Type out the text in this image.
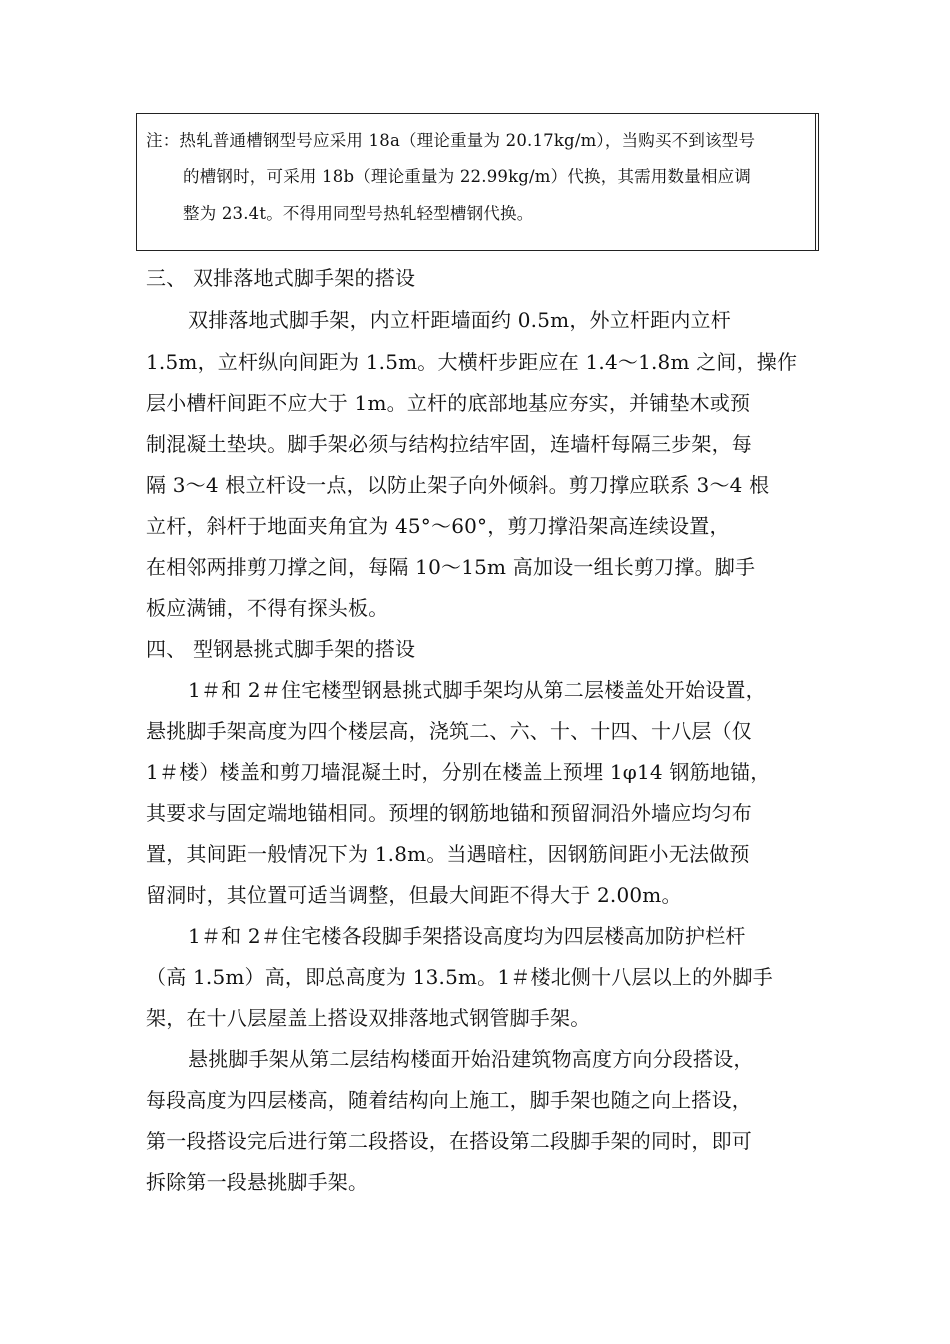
注：热轧普通槽钢型号应采用 18a（理论重量为 20.17kg/m），当购买不到该型号
的槽钢时，可采用 18b（理论重量为 22.99kg/m）代换，其需用数量相应调
整为 23.4t。不得用同型号热轧轻型槽钢代换。
三、 双排落地式脚手架的搭设
双排落地式脚手架，内立杆距墙面约 0.5m，外立杆距内立杆
1.5m，立杆纵向间距为 1.5m。大横杆步距应在 1.4～1.8m 之间，操作
层小槽杆间距不应大于 1m。立杆的底部地基应夯实，并铺垫木或预
制混凝土垫块。脚手架必须与结构拉结牢固，连墙杆每隔三步架，每
隔 3～4 根立杆设一点，以防止架子向外倾斜。剪刀撑应联系 3～4 根
立杆，斜杆于地面夹角宜为 45°～60°，剪刀撑沿架高连续设置，
在相邻两排剪刀撑之间，每隔 10～15m 高加设一组长剪刀撑。脚手
板应满铺，不得有探头板。
四、 型钢悬挑式脚手架的搭设
1＃和 2＃住宅楼型钢悬挑式脚手架均从第二层楼盖处开始设置，
悬挑脚手架高度为四个楼层高，浇筑二、六、十、十四、十八层（仅
1＃楼）楼盖和剪刀墙混凝土时，分别在楼盖上预埋 1φ14 钢筋地锚，
其要求与固定端地锚相同。预埋的钢筋地锚和预留洞沿外墙应均匀布
置，其间距一般情况下为 1.8m。当遇暗柱，因钢筋间距小无法做预
留洞时，其位置可适当调整，但最大间距不得大于 2.00m。
1＃和 2＃住宅楼各段脚手架搭设高度均为四层楼高加防护栏杆
（高 1.5m）高，即总高度为 13.5m。1＃楼北侧十八层以上的外脚手
架，在十八层屋盖上搭设双排落地式钢管脚手架。
悬挑脚手架从第二层结构楼面开始沿建筑物高度方向分段搭设，
每段高度为四层楼高，随着结构向上施工，脚手架也随之向上搭设，
第一段搭设完后进行第二段搭设，在搭设第二段脚手架的同时，即可
拆除第一段悬挑脚手架。
